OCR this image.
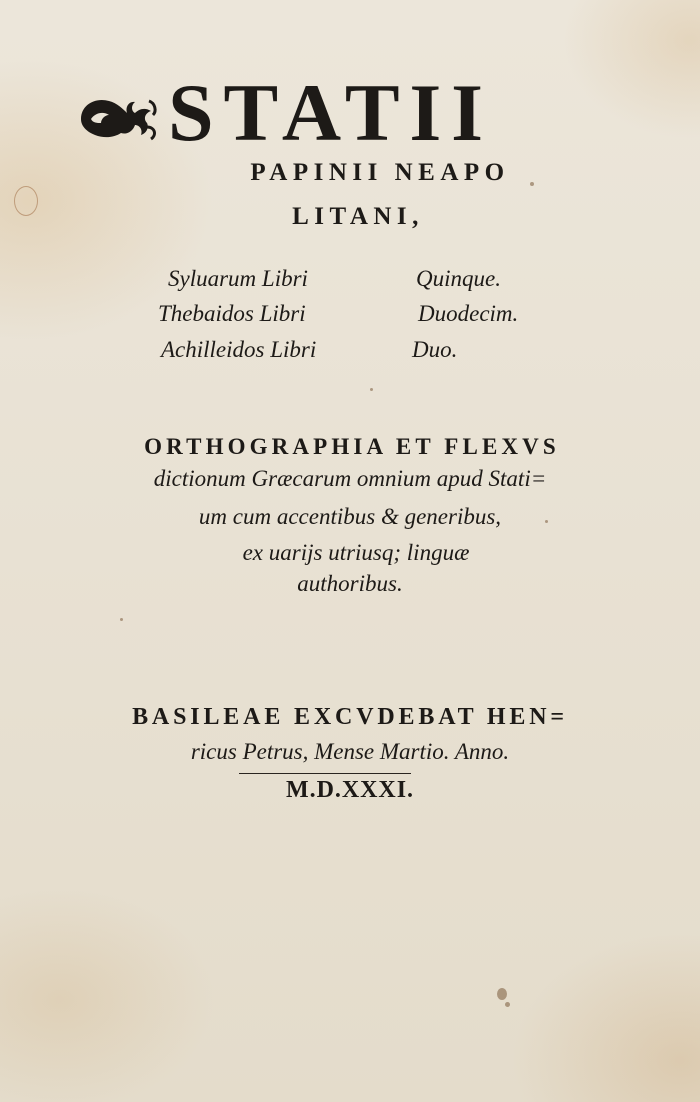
STATII
PAPINII NEAPO
LITANI,
Syluarum Libri	Quinque.
Thebaidos Libri	Duodecim.
Achilleidos Libri	Duo.
ORTHOGRAPHIA ET FLEXVS
dictionum Græcarum omnium apud Stati=
um cum accentibus & generibus,
ex uarijs utriusq; linguæ
authoribus.
BASILEAE EXCVDEBAT HEN=
ricus Petrus, Mense Martio. Anno.
M.D.XXXI.
